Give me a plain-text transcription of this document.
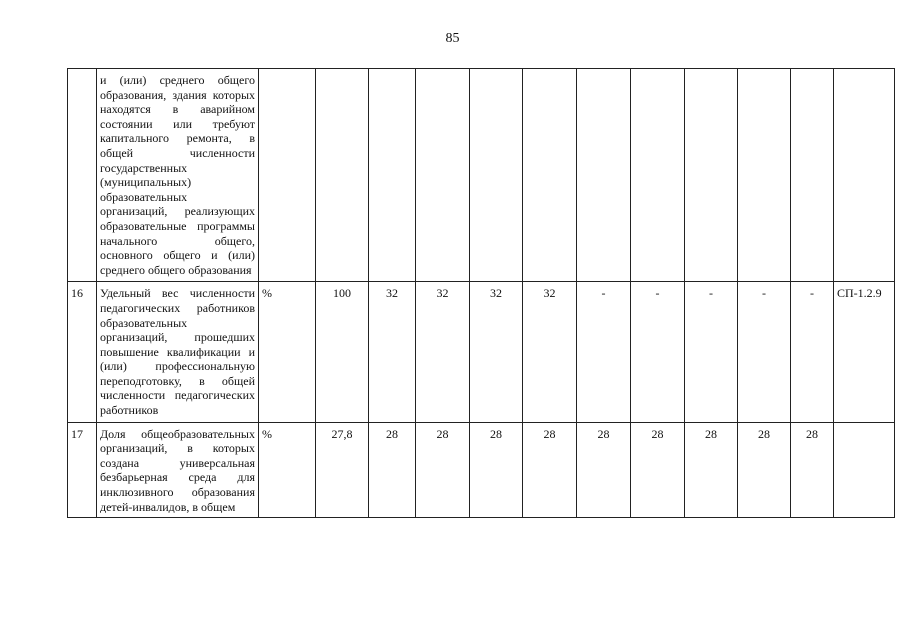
85
	и (или) среднего общего образования, здания которых находятся в аварийном состоянии или требуют капитального ремонта, в общей численности государственных (муниципальных) образовательных организаций, реализующих образовательные программы начального общего, основного общего и (или) среднего общего образования												
16	Удельный вес численности педагогических работников образовательных организаций, прошедших повышение квалификации и (или) профессиональную переподготовку, в общей численности педагогических работников	%	100	32	32	32	32	-	-	-	-	-	СП-1.2.9
17	Доля общеобразовательных организаций, в которых создана универсальная безбарьерная среда для инклюзивного образования детей-инвалидов, в общем	%	27,8	28	28	28	28	28	28	28	28	28	
